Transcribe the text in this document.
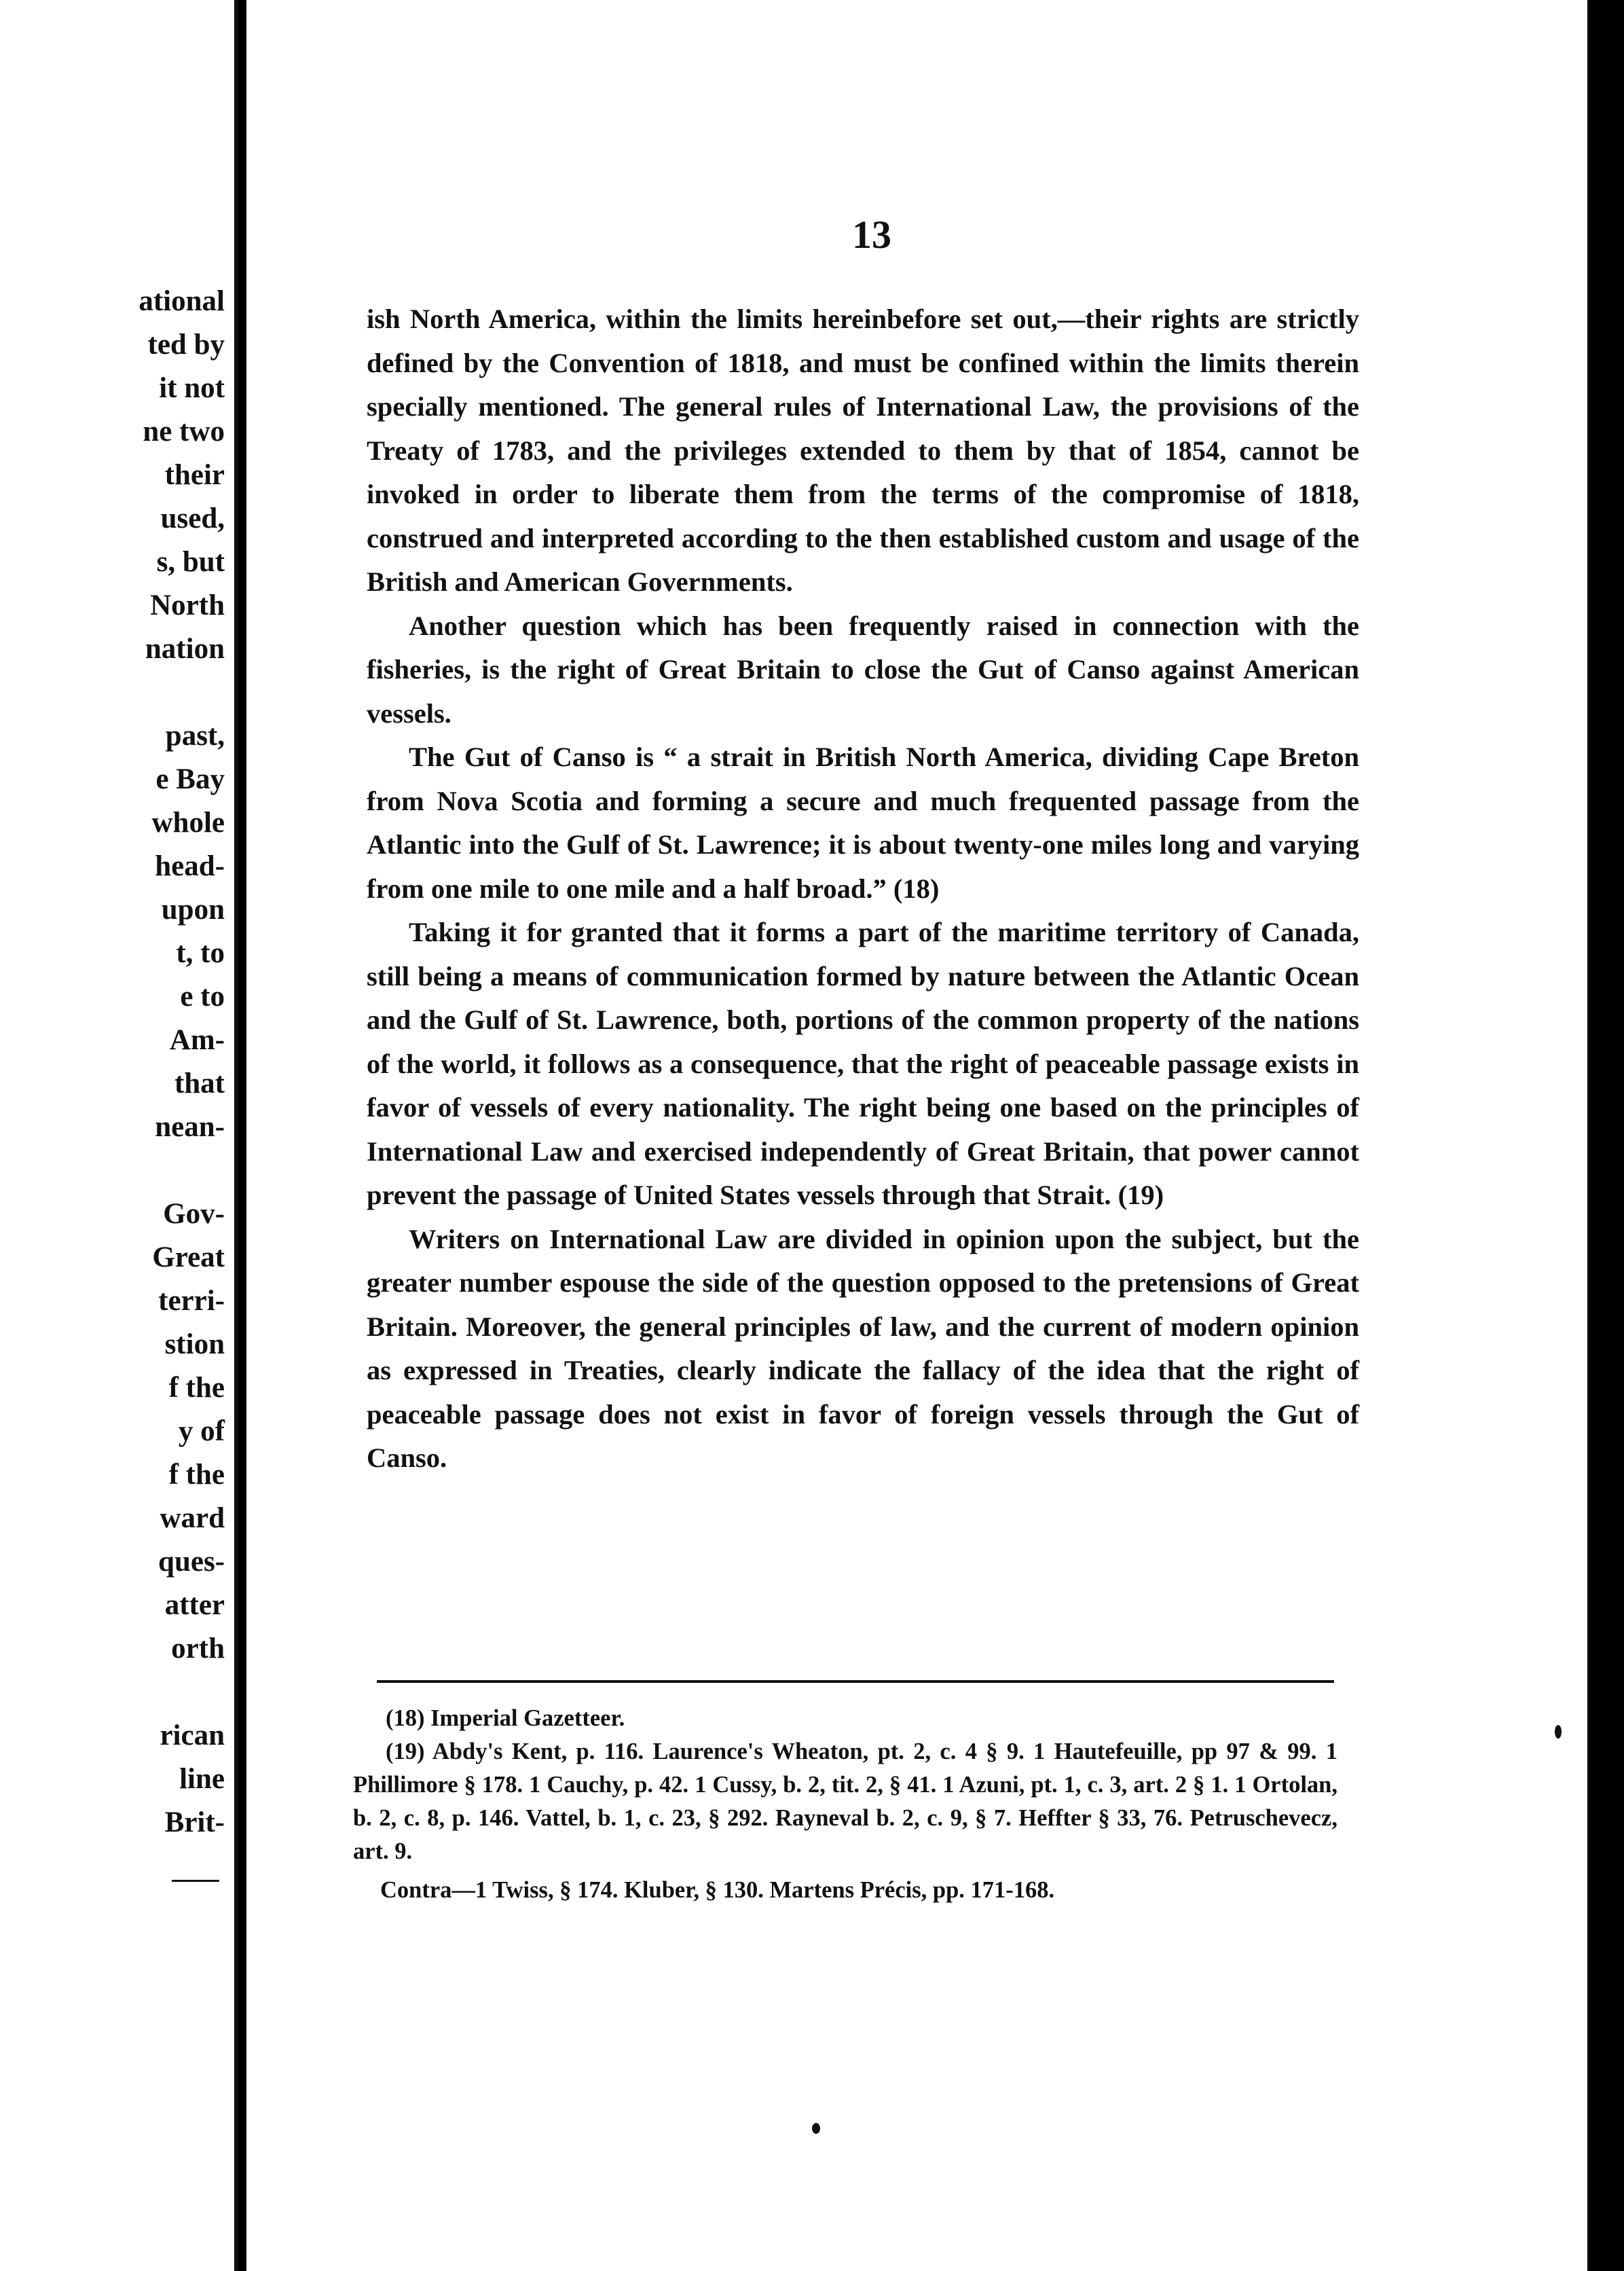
ational
ted by
it not
ne two
their
used,
s, but
North
nation
past,
e Bay
whole
head-
upon
t, to
e to
Am-
that
nean-
Gov-
Great
terri-
stion
f the
y of
f the
ward
ques-
atter
orth
rican
line
Brit-
13

ish North America, within the limits hereinbefore set out,—their rights are strictly defined by the Convention of 1818, and must be confined within the limits therein specially mentioned. The general rules of International Law, the provisions of the Treaty of 1783, and the privileges extended to them by that of 1854, cannot be invoked in order to liberate them from the terms of the compromise of 1818, construed and interpreted according to the then established custom and usage of the British and American Governments.

Another question which has been frequently raised in connection with the fisheries, is the right of Great Britain to close the Gut of Canso against American vessels.

The Gut of Canso is “ a strait in British North America, dividing Cape Breton from Nova Scotia and forming a secure and much frequented passage from the Atlantic into the Gulf of St. Lawrence; it is about twenty-one miles long and varying from one mile to one mile and a half broad.” (18)

Taking it for granted that it forms a part of the maritime territory of Canada, still being a means of communication formed by nature between the Atlantic Ocean and the Gulf of St. Lawrence, both, portions of the common property of the nations of the world, it follows as a consequence, that the right of peaceable passage exists in favor of vessels of every nationality. The right being one based on the principles of International Law and exercised independently of Great Britain, that power cannot prevent the passage of United States vessels through that Strait. (19)

Writers on International Law are divided in opinion upon the subject, but the greater number espouse the side of the question opposed to the pretensions of Great Britain. Moreover, the general principles of law, and the current of modern opinion as expressed in Treaties, clearly indicate the fallacy of the idea that the right of peaceable passage does not exist in favor of foreign vessels through the Gut of Canso.

(18) Imperial Gazetteer.

(19) Abdy's Kent, p. 116. Laurence's Wheaton, pt. 2, c. 4 § 9. 1 Hautefeuille, pp 97 & 99. 1 Phillimore § 178. 1 Cauchy, p. 42. 1 Cussy, b. 2, tit. 2, § 41. 1 Azuni, pt. 1, c. 3, art. 2 § 1. 1 Ortolan, b. 2, c. 8, p. 146. Vattel, b. 1, c. 23, § 292. Rayneval b. 2, c. 9, § 7. Heffter § 33, 76. Petruschevecz, art. 9.

Contra—1 Twiss, § 174. Kluber, § 130. Martens Précis, pp. 171-168.
